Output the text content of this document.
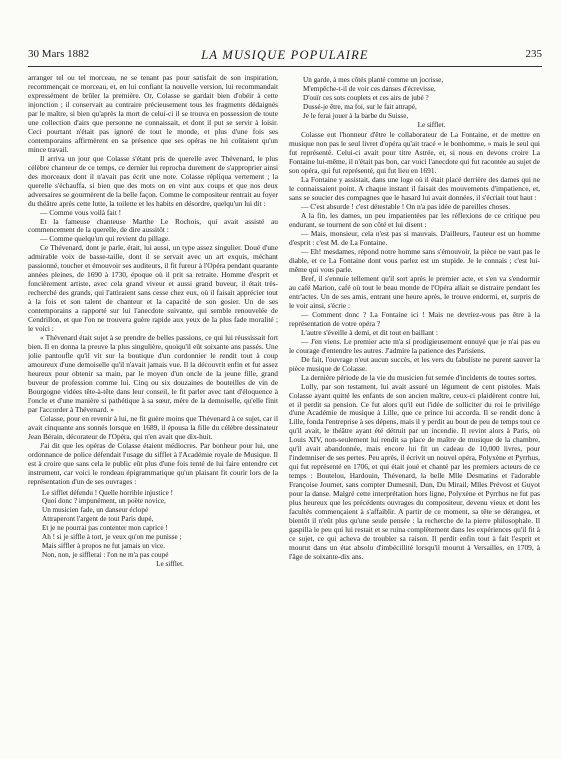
30 Mars 1882	LA MUSIQUE POPULAIRE	235

arranger tel ou tel morceau, ne se tenant pas pour satisfait de son inspiration, recommençait ce morceau, et, en lui confiant la nouvelle version, lui recommandait expressément de brûler la première. Or, Colasse se gardait bien d'obéir à cette injonction ; il conservait au contraire précieusement tous les fragments dédaignés par le maître, si bien qu'après la mort de celui-ci il se trouva en possession de toute une collection d'airs que personne ne connaissait, et dont il put se servir à loisir. Ceci pourtant n'était pas ignoré de tout le monde, et plus d'une fois ses contemporains affirmèrent en sa présence que ses opéras ne lui coûtaient qu'un mince travail.

Il arriva un jour que Colasse s'étant pris de querelle avec Thévenard, le plus célèbre chanteur de ce temps, ce dernier lui reprocha durement de s'approprier ainsi des morceaux dont il n'avait pas écrit une note. Colasse répliqua vertement ; la querelle s'échauffa, si bien que des mots on en vint aux coups et que nos deux adversaires se gourmèrent de la belle façon. Comme le compositeur rentrait au foyer du théâtre après cette lutte, la toilette et les habits en désordre, quelqu'un lui dit :

— Comme vous voilà fait !

Et la fameuse chanteuse Marthe Le Rochois, qui avait assisté au commencement de la querelle, de dire aussitôt :

— Comme quelqu'un qui revient du pillage.

Ce Thévenard, dont je parle, était, lui aussi, un type assez singulier. Doué d'une admirable voix de basse-taille, dont il se servait avec un art exquis, méchant passionné, toucher et émouvoir ses auditeurs, il fit fureur à l'Opéra pendant quarante années pleines, de 1690 à 1730, époque où il prit sa retraite. Homme d'esprit et foncièrement artiste, avec cela grand viveur et aussi grand buveur, il était très-recherché des grands, qui l'attiraient sans cesse chez eux, où il faisait apprécier tout à la fois et son talent de chanteur et la capacité de son gosier. Un de ses contemporains a rapporté sur lui l'anecdote suivante, qui semble renouvelée de Cendrillon, et que l'on ne trouvera guère rapide aux yeux de la plus fade moralité ; le voici :

« Thévenard était sujet à se prendre de belles passions, ce qui lui réussissait fort bien. Il en donna la preuve la plus singulière, quoiqu'il eût soixante ans passés. Une jolie pantoufle qu'il vit sur la boutique d'un cordonnier le rendit tout à coup amoureux d'une demoiselle qu'il n'avait jamais vue. Il la découvrit enfin et fut assez heureux pour obtenir sa main, par le moyen d'un oncle de la jeune fille, grand buveur de profession comme lui. Cinq ou six douzaines de bouteilles de vin de Bourgogne vidées tête-à-tête dans leur conseil, le fit parler avec tant d'éloquence à l'oncle et d'une manière si pathétique à sa sœur, mère de la demoiselle, qu'elle finit par l'accorder à Thévenard. »

Colasse, pour en revenir à lui, ne fit guère moins que Thévenard à ce sujet, car il avait cinquante ans sonnés lorsque en 1689, il épousa la fille du célèbre dessinateur Jean Bérain, décorateur de l'Opéra, qui n'en avait que dix-huit.

J'ai dit que les opéras de Colasse étaient médiocres. Par bonheur pour lui, une ordonnance de police défendait l'usage du sifflet à l'Académie royale de Musique. Il est à croire que sans cela le public eût plus d'une fois tenté de lui faire entendre cet instrument, car voici le rondeau épigrammatique qu'un plaisant fit courir lors de la représentation d'un de ses ouvrages :

Le sifflet défendu ! Quelle horrible injustice !
Quoi donc ? impunément, un poëte novice,
Un musicien fade, un danseur éclopé
Attraperont l'argent de tout Paris dupé,
Et je ne pourrai pas contenter mon caprice !
Ah ! si je siffle à tort, je veux qu'on me punisse ;
Mais siffler à propos ne fut jamais un vice.
Non, non, je sifflerai : l'on ne m'a pas coupé
Le sifflet.
Un garde, à mes côtés planté comme un jocrisse,
M'empêche-t-il de voir ces danses d'écrevisse,
D'ouïr ces sots couplets et ces airs de jubé ?
Dussé-je être, ma foi, sur le fait attrapé,
Je le ferai jouer à la barbe du Suisse,
Le sifflet.

Colasse eut l'honneur d'être le collaborateur de La Fontaine, et de mettre en musique non pas le seul livret d'opéra qu'ait tracé « le bonhomme, » mais le seul qui fut représenté. Celui-ci avait pour titre Astrée, et, si nous en devons croire La Fontaine lui-même, il n'était pas bon, car voici l'anecdote qui fut racontée au sujet de son opéra, qui fut représenté, qui fut lieu en 1691.

La Fontaine y assistait, dans une loge où il était placé derrière des dames qui ne le connaissaient point. A chaque instant il faisait des mouvements d'impatience, et, sans se soucier des compagnes que le hasard lui avait données, il s'écriait tout haut :

— C'est absurde ! c'est détestable ! On n'a pas idée de pareilles choses.

A la fin, les dames, un peu impatientées par les réflexions de ce critique peu endurant, se tournent de son côté et lui disent :

— Mais, monsieur, cela n'est pas si mauvais. D'ailleurs, l'auteur est un homme d'esprit : c'est M. de La Fontaine.

— Eh! mesdames, répond notre homme sans s'émouvoir, la pièce ne vaut pas le diable, et ce La Fontaine dont vous parlez est un stupide. Je le connais ; c'est lui-même qui vous parle.

Bref, il s'ennuie tellement qu'il sort après le premier acte, et s'en va s'endormir au café Marion, café où tout le beau monde de l'Opéra allait se distraire pendant les entr'actes. Un de ses amis, entrant une heure après, le trouve endormi, et, surpris de le voir ainsi, s'écrie :

— Comment donc ? La Fontaine ici ! Mais ne devriez-vous pas être à la représentation de votre opéra ?

L'autre s'éveille à demi, et dit tout en baillant :

— J'en viens. Le premier acte m'a si prodigieusement ennuyé que je n'ai pas eu le courage d'entendre les autres. J'admire la patience des Parisiens.

De fait, l'ouvrage n'eut aucun succès, et les vers du fabuliste ne purent sauver la pièce musique de Colasse.

La dernière période de la vie du musicien fut semée d'incidents de toutes sortes.

Lully, par son testament, lui avait assuré un légument de cent pistoles. Mais Colasse ayant quitté les enfants de son ancien maître, ceux-ci plaidèrent contre lui, et il perdit sa pension. Ce fut alors qu'il eut l'idée de solliciter du roi le privilége d'une Académie de musique à Lille, que ce prince lui accorda. Il se rendit donc à Lille, fonda l'entreprise à ses dépens, mais il y perdit au bout de peu de temps tout ce qu'il avait, le théâtre ayant été détruit par un incendie. Il revint alors à Paris, où Louis XIV, non-seulement lui rendit sa place de maître de musique de la chambre, qu'il avait abandonnée, mais encore lui fit un cadeau de 10,000 livres, pour l'indemniser de ses pertes. Peu après, il écrivit un nouvel opéra, Polyxène et Pyrrhus, qui fut représenté en 1706, et qui était joué et chanté par les premiers acteurs de ce temps : Boutelou, Hardouin, Thévenard, la belle Mlle Desmatins et l'adorable Françoise Journet, sans compter Dumesnil, Dun, Du Mirail, Mlles Prévost et Guyot pour la danse. Malgré cette interprétation hors ligne, Polyxène et Pyrrhus ne fut pas plus heureux que les précédents ouvrages du compositeur, devenu vieux et dont les facultés commençaient à s'affaiblir. A partir de ce moment, sa tête se dérangea, et bientôt il n'eût plus qu'une seule pensée : la recherche de la pierre philosophale. Il gaspilla le peu qui lui restait et se ruina complètement dans les expériences qu'il fit à ce sujet, ce qui acheva de troubler sa raison. Il perdit enfin tout à fait l'esprit et mourut dans un état absolu d'imbécillité lorsqu'il mourut à Versailles, en 1709, à l'âge de soixante-dix ans.
